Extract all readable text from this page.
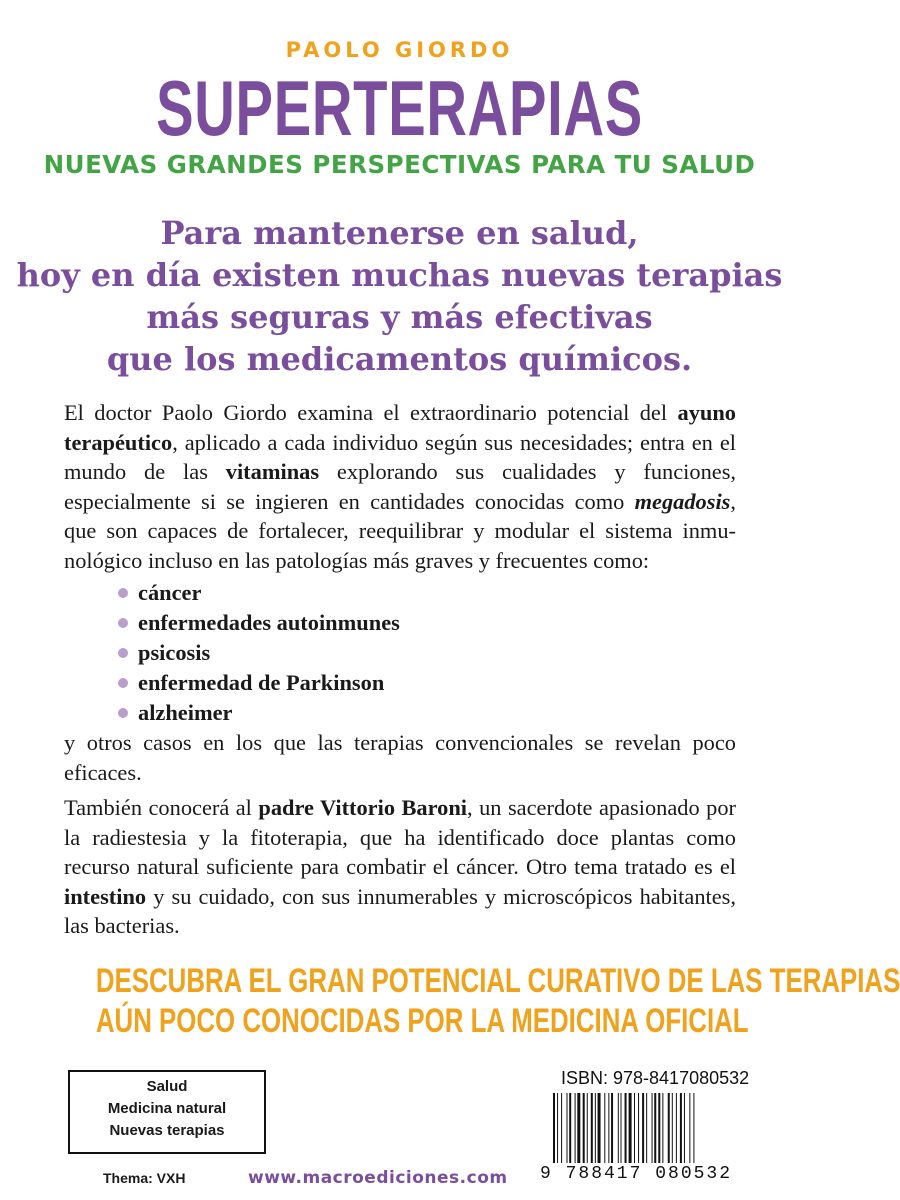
PAOLO GIORDO
SUPERTERAPIAS
NUEVAS GRANDES PERSPECTIVAS PARA TU SALUD
Para mantenerse en salud,
hoy en día existen muchas nuevas terapias
más seguras y más efectivas
que los medicamentos químicos.
El doctor Paolo Giordo examina el extraordinario potencial del ayuno terapéutico, aplicado a cada individuo según sus necesidades; entra en el mundo de las vitaminas explorando sus cualidades y funciones, especialmente si se ingieren en cantidades conocidas como megadosis, que son capaces de fortalecer, reequilibrar y modular el sistema inmunológico incluso en las patologías más graves y frecuentes como:
cáncer
enfermedades autoinmunes
psicosis
enfermedad de Parkinson
alzheimer
y otros casos en los que las terapias convencionales se revelan poco eficaces.
También conocerá al padre Vittorio Baroni, un sacerdote apasionado por la radiestesia y la fitoterapia, que ha identificado doce plantas como recurso natural suficiente para combatir el cáncer. Otro tema tratado es el intestino y su cuidado, con sus innumerables y microscópicos habitantes, las bacterias.
DESCUBRA EL GRAN POTENCIAL CURATIVO DE LAS TERAPIAS
AÚN POCO CONOCIDAS POR LA MEDICINA OFICIAL
Salud
Medicina natural
Nuevas terapias
Thema: VXH	www.macroediciones.com
ISBN: 978-8417080532
9 788417 080532
